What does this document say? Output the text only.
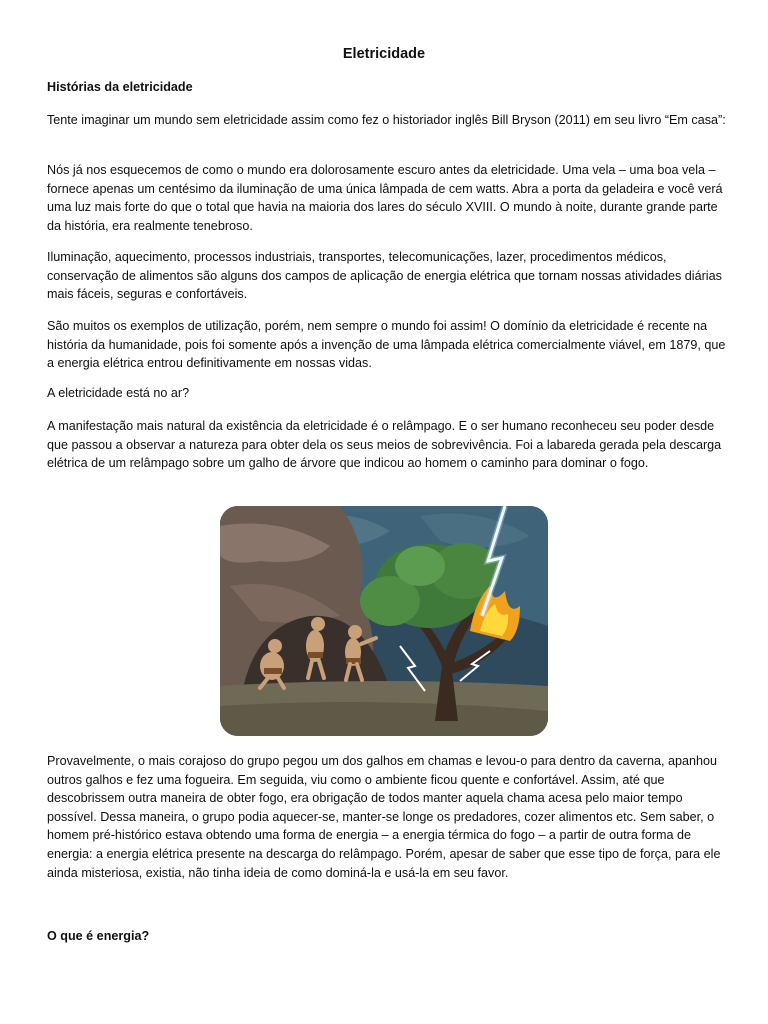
Eletricidade
Histórias da eletricidade
Tente imaginar um mundo sem eletricidade assim como fez o historiador inglês Bill Bryson (2011) em seu livro “Em casa”:
Nós já nos esquecemos de como o mundo era dolorosamente escuro antes da eletricidade. Uma vela – uma boa vela – fornece apenas um centésimo da iluminação de uma única lâmpada de cem watts. Abra a porta da geladeira e você verá uma luz mais forte do que o total que havia na maioria dos lares do século XVIII. O mundo à noite, durante grande parte da história, era realmente tenebroso.
Iluminação, aquecimento, processos industriais, transportes, telecomunicações, lazer, procedimentos médicos, conservação de alimentos são alguns dos campos de aplicação de energia elétrica que tornam nossas atividades diárias mais fáceis, seguras e confortáveis.
São muitos os exemplos de utilização, porém, nem sempre o mundo foi assim! O domínio da eletricidade é recente na história da humanidade, pois foi somente após a invenção de uma lâmpada elétrica comercialmente viável, em 1879, que a energia elétrica entrou definitivamente em nossas vidas.
A eletricidade está no ar?
A manifestação mais natural da existência da eletricidade é o relâmpago. E o ser humano reconheceu seu poder desde que passou a observar a natureza para obter dela os seus meios de sobrevivência. Foi a labareda gerada pela descarga elétrica de um relâmpago sobre um galho de árvore que indicou ao homem o caminho para dominar o fogo.
Provavelmente, o mais corajoso do grupo pegou um dos galhos em chamas e levou-o para dentro da caverna, apanhou outros galhos e fez uma fogueira. Em seguida, viu como o ambiente ficou quente e confortável. Assim, até que descobrissem outra maneira de obter fogo, era obrigação de todos manter aquela chama acesa pelo maior tempo possível. Dessa maneira, o grupo podia aquecer-se, manter-se longe os predadores, cozer alimentos etc. Sem saber, o homem pré-histórico estava obtendo uma forma de energia – a energia térmica do fogo – a partir de outra forma de energia: a energia elétrica presente na descarga do relâmpago. Porém, apesar de saber que esse tipo de força, para ele ainda misteriosa, existia, não tinha ideia de como dominá-la e usá-la em seu favor.
O que é energia?
